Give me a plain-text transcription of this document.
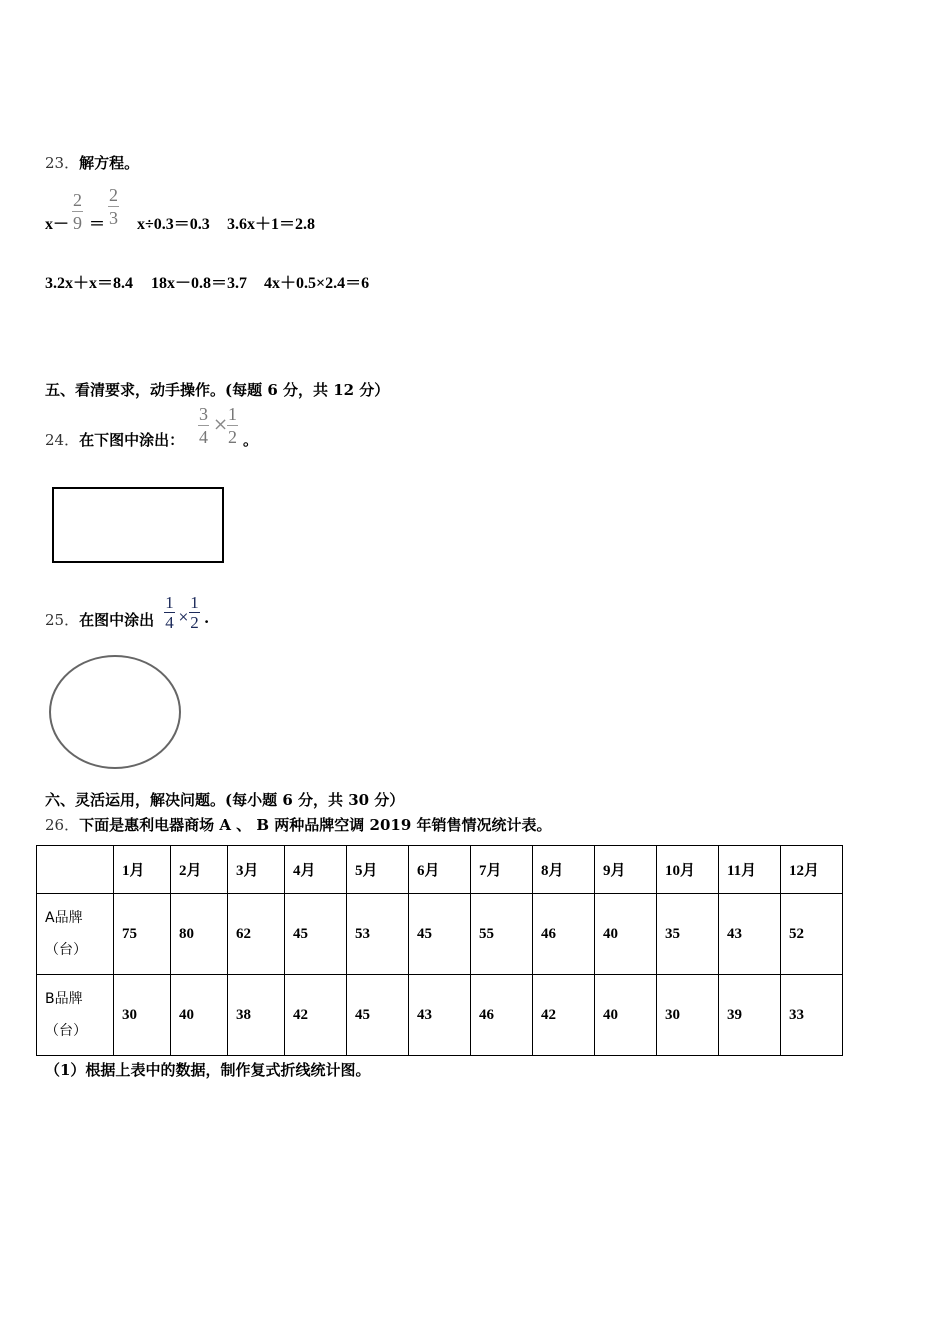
23．解方程。
x－
2
9 ＝
2
3 x÷0.3＝0.3 3.6x＋1＝2.8
3.2x＋x＝8.4 18x－0.8＝3.7 4x＋0.5×2.4＝6
五、看清要求，动手操作。(每题 6 分，共 12 分）
24．在下图中涂出：
3
4
× 1
2 。
25．在图中涂出
1
4 ×
1
2 .
六、灵活运用，解决问题。(每小题 6 分，共 30 分）
26．下面是惠利电器商场 A 、 B 两种品牌空调 2019 年销售情况统计表。
	1月	2月	3月	4月	5月	6月	7月	8月	9月	10月	11月	12月
A品牌
（台）	75	80	62	45	53	45	55	46	40	35	43	52
B品牌
（台）	30	40	38	42	45	43	46	42	40	30	39	33
（1）根据上表中的数据，制作复式折线统计图。
